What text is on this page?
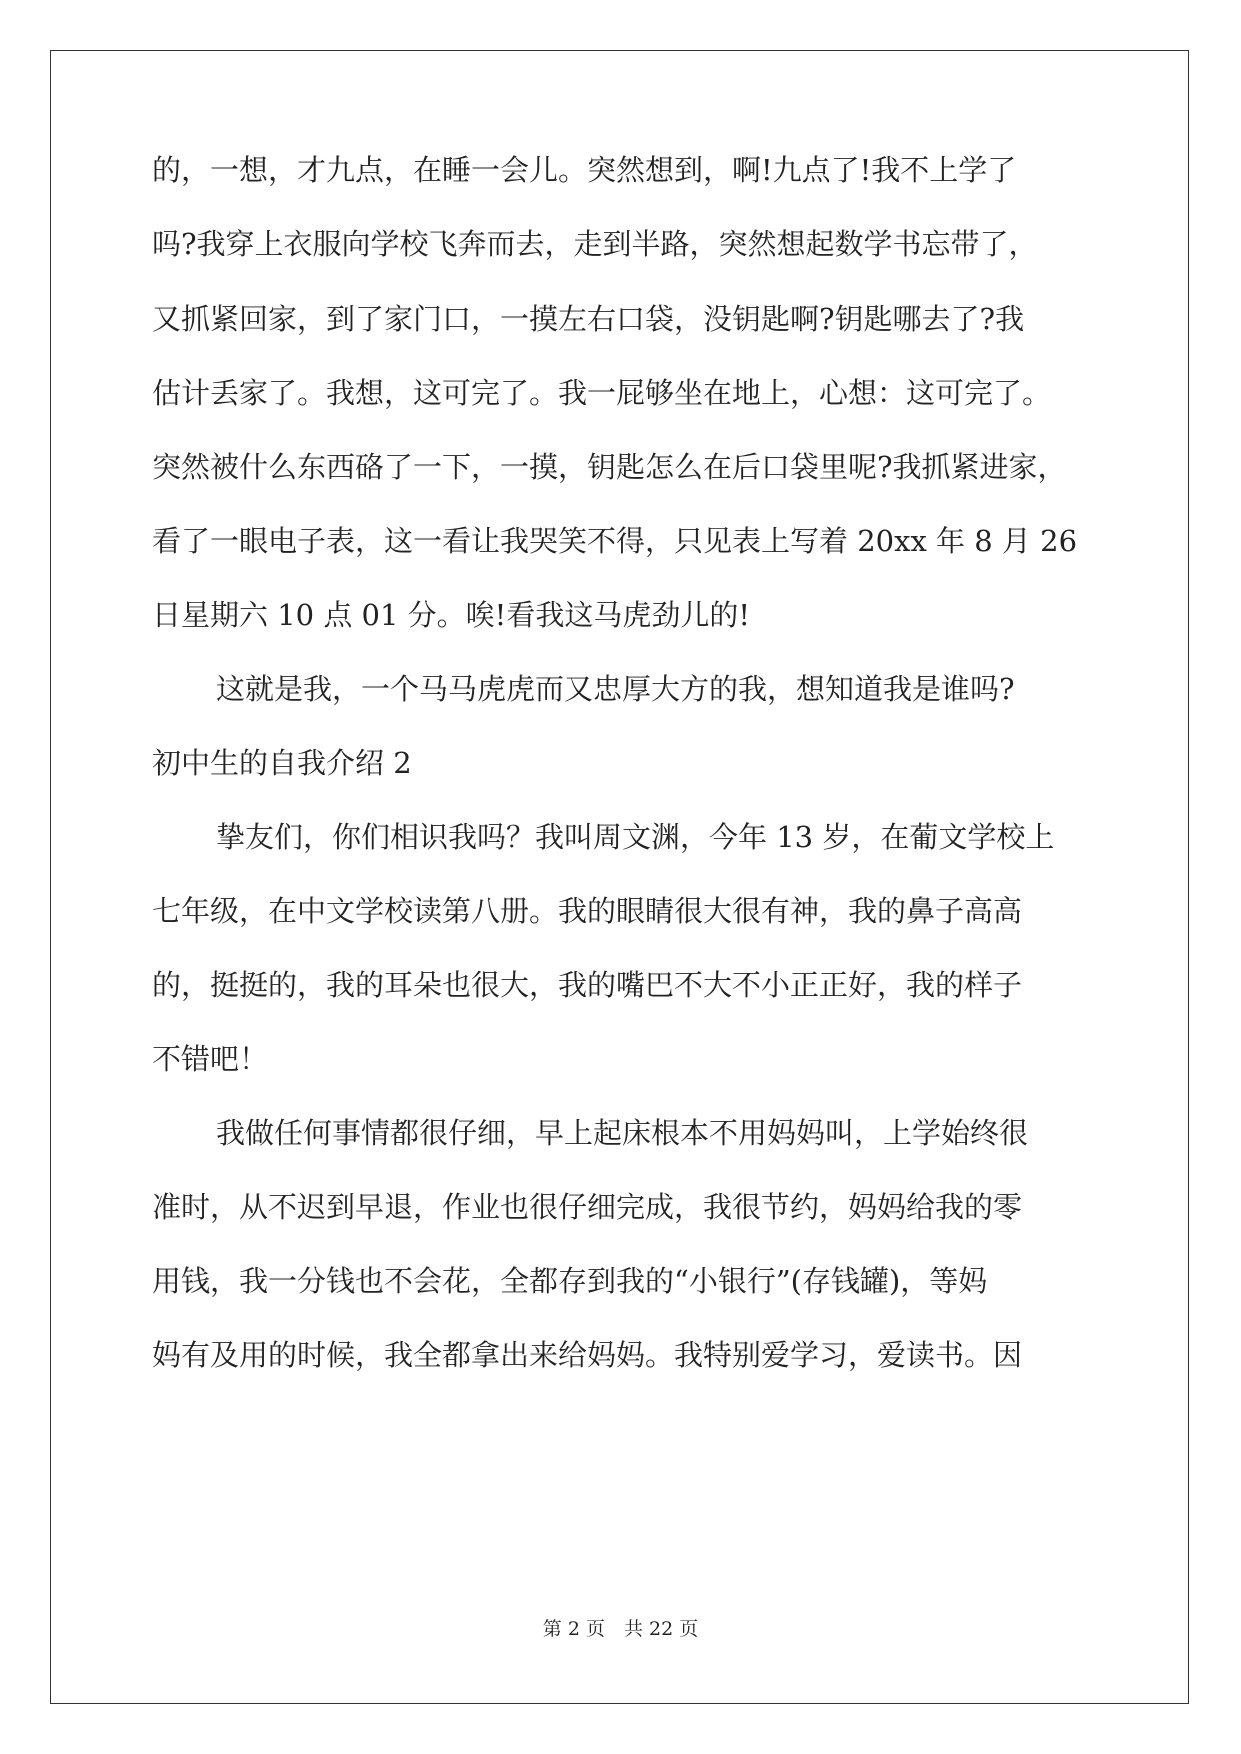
的，一想，才九点，在睡一会儿。突然想到，啊!九点了!我不上学了
吗?我穿上衣服向学校飞奔而去，走到半路，突然想起数学书忘带了，
又抓紧回家，到了家门口，一摸左右口袋，没钥匙啊?钥匙哪去了?我
估计丢家了。我想，这可完了。我一屁够坐在地上，心想：这可完了。
突然被什么东西硌了一下，一摸，钥匙怎么在后口袋里呢?我抓紧进家，
看了一眼电子表，这一看让我哭笑不得，只见表上写着 20xx 年 8 月 26
日星期六 10 点 01 分。唉!看我这马虎劲儿的!
这就是我，一个马马虎虎而又忠厚大方的我，想知道我是谁吗?
初中生的自我介绍 2
挚友们，你们相识我吗？我叫周文渊，今年 13 岁，在葡文学校上
七年级，在中文学校读第八册。我的眼睛很大很有神，我的鼻子高高
的，挺挺的，我的耳朵也很大，我的嘴巴不大不小正正好，我的样子
不错吧！
我做任何事情都很仔细，早上起床根本不用妈妈叫，上学始终很
准时，从不迟到早退，作业也很仔细完成，我很节约，妈妈给我的零
用钱，我一分钱也不会花，全都存到我的“小银行”(存钱罐)，等妈
妈有及用的时候，我全都拿出来给妈妈。我特别爱学习，爱读书。因
第 2 页　共 22 页
